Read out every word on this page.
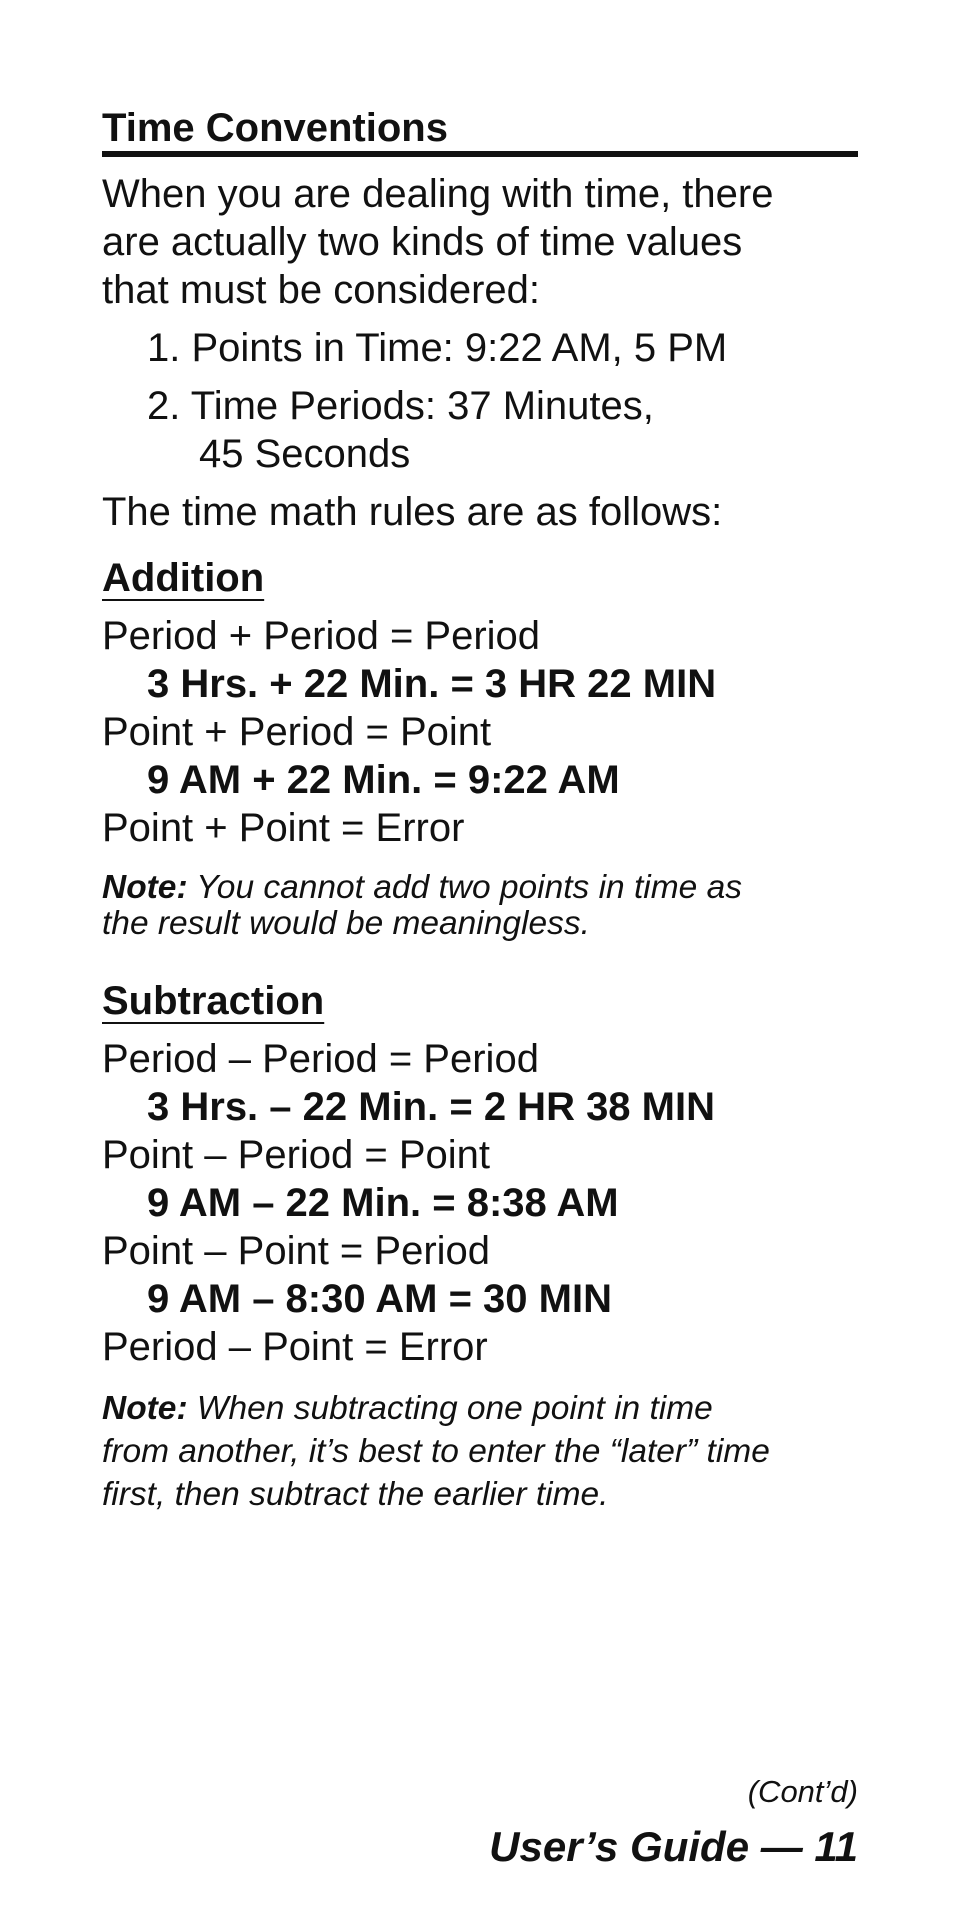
Time Conventions
When you are dealing with time, there
are actually two kinds of time values
that must be considered:
1. Points in Time: 9:22 AM, 5 PM
2. Time Periods: 37 Minutes,
45 Seconds
The time math rules are as follows:
Addition
Period + Period = Period
3 Hrs. + 22 Min. = 3 HR 22 MIN
Point + Period = Point
9 AM + 22 Min. = 9:22 AM
Point + Point = Error
Note: You cannot add two points in time as
the result would be meaningless.
Subtraction
Period – Period = Period
3 Hrs. – 22 Min. = 2 HR 38 MIN
Point – Period = Point
9 AM – 22 Min. = 8:38 AM
Point – Point = Period
9 AM – 8:30 AM = 30 MIN
Period – Point = Error
Note: When subtracting one point in time
from another, it’s best to enter the “later” time
first, then subtract the earlier time.
(Cont’d)
User’s Guide — 11
